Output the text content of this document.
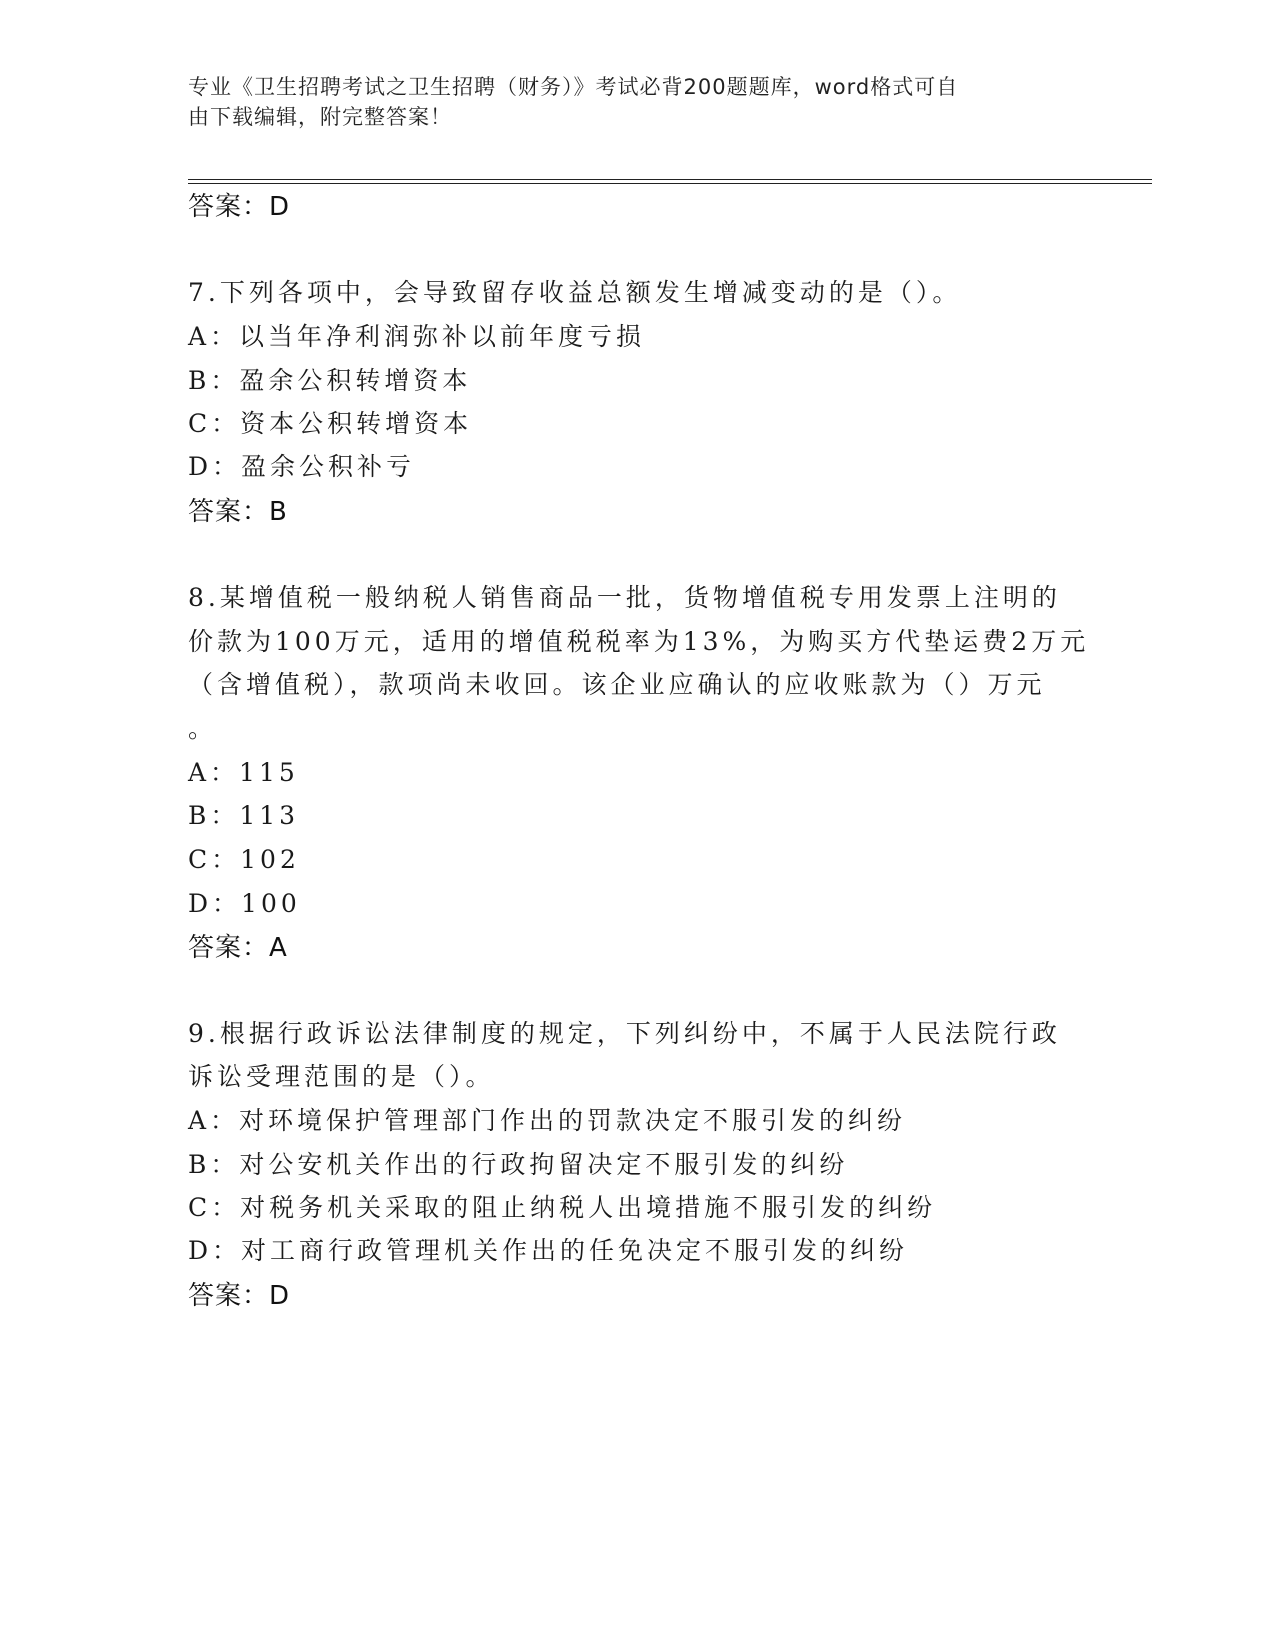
专业《卫生招聘考试之卫生招聘（财务）》考试必背200题题库，word格式可自
由下载编辑，附完整答案！
答案：D
7.下列各项中，会导致留存收益总额发生增减变动的是（）。
A：以当年净利润弥补以前年度亏损
B：盈余公积转增资本
C：资本公积转增资本
D：盈余公积补亏
答案：B
8.某增值税一般纳税人销售商品一批，货物增值税专用发票上注明的
价款为100万元，适用的增值税税率为13%，为购买方代垫运费2万元
（含增值税），款项尚未收回。该企业应确认的应收账款为（）万元
。
A：115
B：113
C：102
D：100
答案：A
9.根据行政诉讼法律制度的规定，下列纠纷中，不属于人民法院行政
诉讼受理范围的是（）。
A：对环境保护管理部门作出的罚款决定不服引发的纠纷
B：对公安机关作出的行政拘留决定不服引发的纠纷
C：对税务机关采取的阻止纳税人出境措施不服引发的纠纷
D：对工商行政管理机关作出的任免决定不服引发的纠纷
答案：D
